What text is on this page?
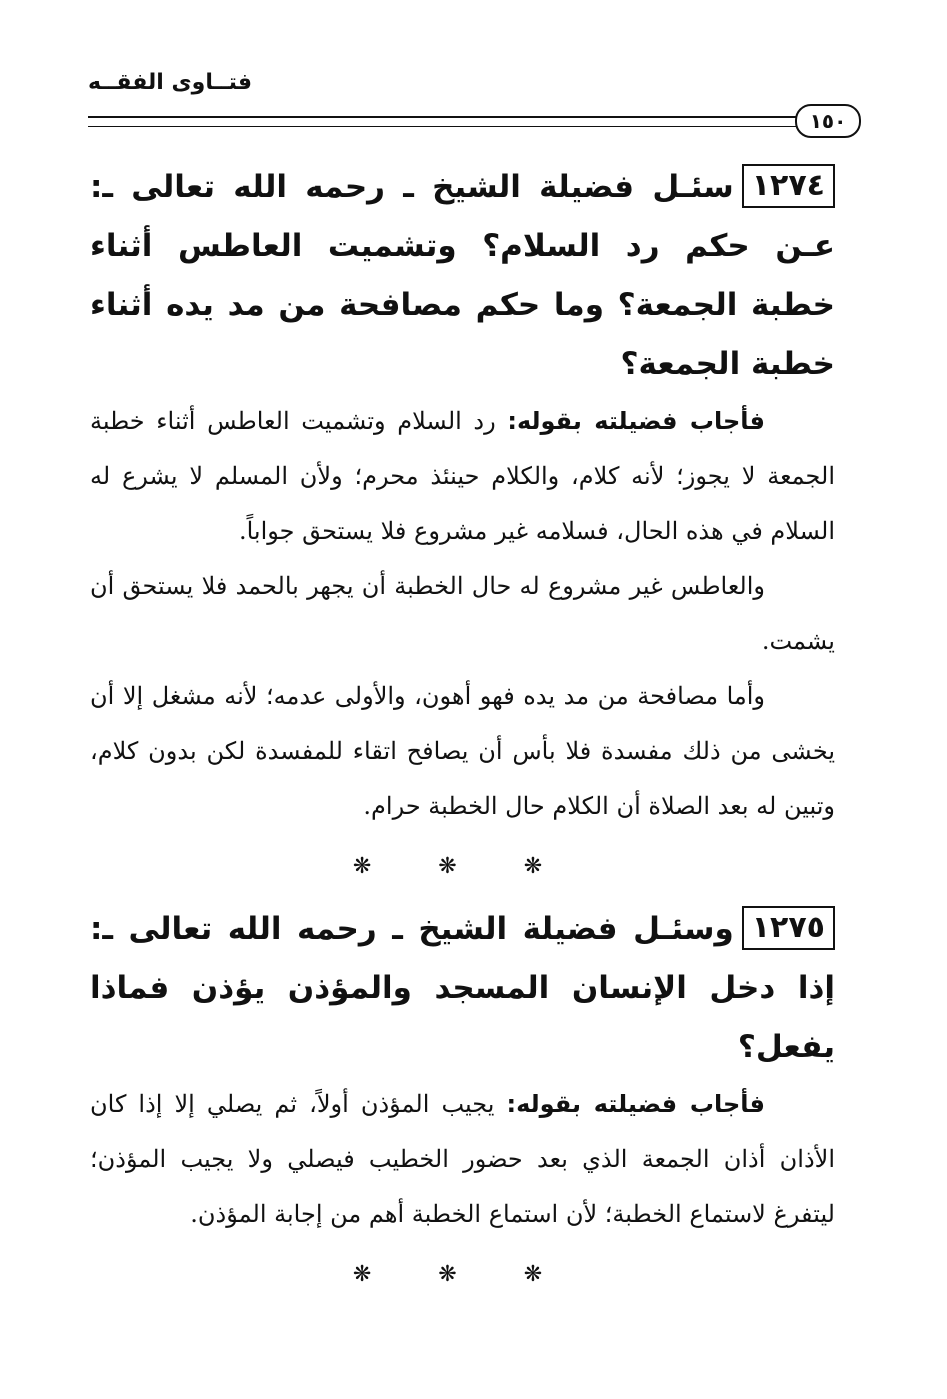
فتــاوى الفقــه
١٥٠

١٢٧٤سئـل فضيلة الشيخ ـ رحمه الله تعالى ـ: عـن حكم رد السلام؟ وتشميت العاطس أثناء خطبة الجمعة؟ وما حكم مصافحة من مد يده أثناء خطبة الجمعة؟

فأجاب فضيلته بقوله: رد السلام وتشميت العاطس أثناء خطبة الجمعة لا يجوز؛ لأنه كلام، والكلام حينئذ محرم؛ ولأن المسلم لا يشرع له السلام في هذه الحال، فسلامه غير مشروع فلا يستحق جواباً.

والعاطس غير مشروع له حال الخطبة أن يجهر بالحمد فلا يستحق أن يشمت.

وأما مصافحة من مد يده فهو أهون، والأولى عدمه؛ لأنه مشغل إلا أن يخشى من ذلك مفسدة فلا بأس أن يصافح اتقاء للمفسدة لكن بدون كلام، وتبين له بعد الصلاة أن الكلام حال الخطبة حرام.

❋ ❋ ❋

١٢٧٥وسئـل فضيلة الشيخ ـ رحمه الله تعالى ـ: إذا دخل الإنسان المسجد والمؤذن يؤذن فماذا يفعل؟

فأجاب فضيلته بقوله: يجيب المؤذن أولاً، ثم يصلي إلا إذا كان الأذان أذان الجمعة الذي بعد حضور الخطيب فيصلي ولا يجيب المؤذن؛ ليتفرغ لاستماع الخطبة؛ لأن استماع الخطبة أهم من إجابة المؤذن.

❋ ❋ ❋
